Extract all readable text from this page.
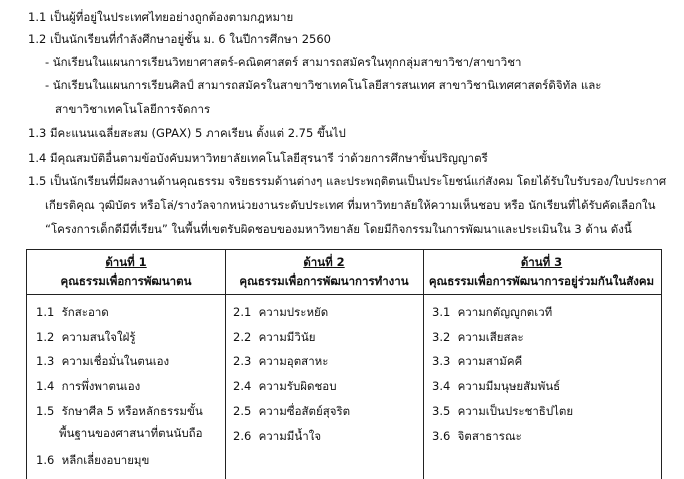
1.1 เป็นผู้ที่อยู่ในประเทศไทยอย่างถูกต้องตามกฎหมาย
1.2 เป็นนักเรียนที่กำลังศึกษาอยู่ชั้น ม. 6 ในปีการศึกษา 2560
- นักเรียนในแผนการเรียนวิทยาศาสตร์-คณิตศาสตร์ สามารถสมัครในทุกกลุ่มสาขาวิชา/สาขาวิชา
- นักเรียนในแผนการเรียนศิลป์ สามารถสมัครในสาขาวิชาเทคโนโลยีสารสนเทศ สาขาวิชานิเทศศาสตร์ดิจิทัล และ
สาขาวิชาเทคโนโลยีการจัดการ
1.3 มีคะแนนเฉลี่ยสะสม (GPAX) 5 ภาคเรียน ตั้งแต่ 2.75 ขึ้นไป
1.4 มีคุณสมบัติอื่นตามข้อบังคับมหาวิทยาลัยเทคโนโลยีสุรนารี ว่าด้วยการศึกษาขั้นปริญญาตรี
1.5 เป็นนักเรียนที่มีผลงานด้านคุณธรรม จริยธรรมด้านต่างๆ และประพฤติตนเป็นประโยชน์แก่สังคม โดยได้รับใบรับรอง/ใบประกาศ
เกียรติคุณ วุฒิบัตร หรือโล่/รางวัลจากหน่วยงานระดับประเทศ ที่มหาวิทยาลัยให้ความเห็นชอบ หรือ นักเรียนที่ได้รับคัดเลือกใน
“โครงการเด็กดีมีที่เรียน” ในพื้นที่เขตรับผิดชอบของมหาวิทยาลัย โดยมีกิจกรรมในการพัฒนาและประเมินใน 3 ด้าน ดังนี้
ด้านที่ 1
คุณธรรมเพื่อการพัฒนาตน
1.1 รักสะอาด
1.2 ความสนใจใฝ่รู้
1.3 ความเชื่อมั่นในตนเอง
1.4 การพึ่งพาตนเอง
1.5 รักษาศีล 5 หรือหลักธรรมขั้น
พื้นฐานของศาสนาที่ตนนับถือ
1.6 หลีกเลี่ยงอบายมุข
ด้านที่ 2
คุณธรรมเพื่อการพัฒนาการทำงาน
2.1 ความประหยัด
2.2 ความมีวินัย
2.3 ความอุตสาหะ
2.4 ความรับผิดชอบ
2.5 ความซื่อสัตย์สุจริต
2.6 ความมีน้ำใจ
ด้านที่ 3
คุณธรรมเพื่อการพัฒนาการอยู่ร่วมกันในสังคม
3.1 ความกตัญญูกตเวที
3.2 ความเสียสละ
3.3 ความสามัคคี
3.4 ความมีมนุษยสัมพันธ์
3.5 ความเป็นประชาธิปไตย
3.6 จิตสาธารณะ
